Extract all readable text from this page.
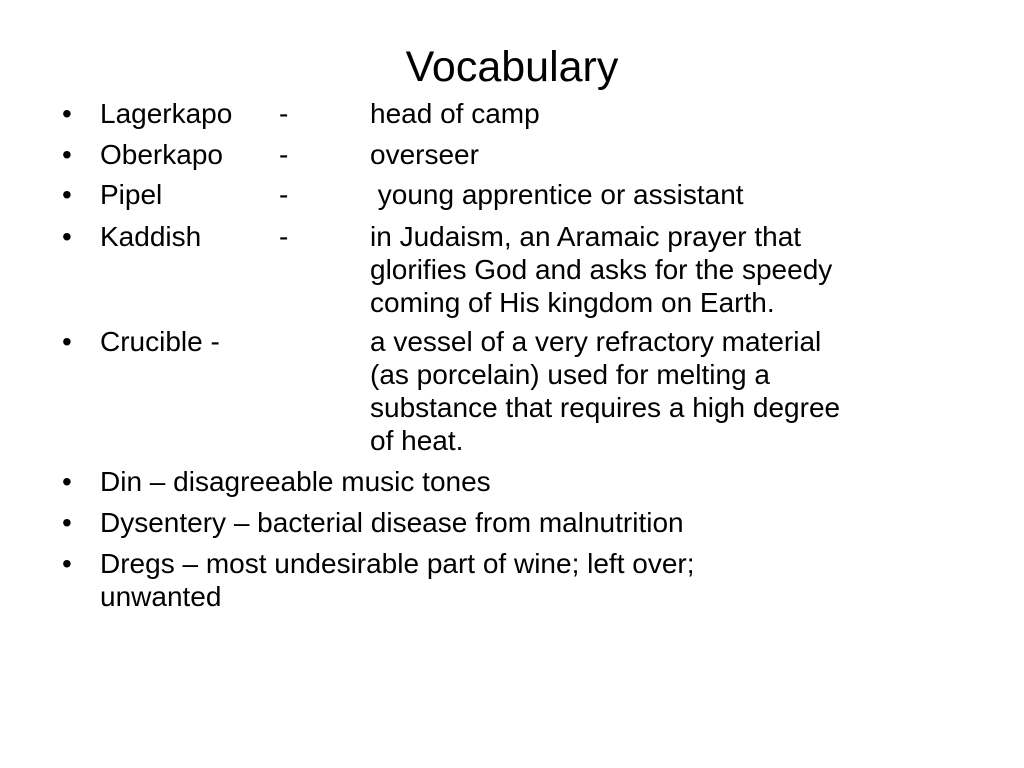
Vocabulary
• Lagerkapo -	head of camp
• Oberkapo -	overseer
• Pipel	-	young apprentice or assistant
• Kaddish	-	in Judaism, an Aramaic prayer that
glorifies God and asks for the speedy
coming of His kingdom on Earth.
• Crucible -	a vessel of a very refractory material
(as porcelain) used for melting a
substance that requires a high degree
of heat.
• Din – disagreeable music tones
• Dysentery – bacterial disease from malnutrition
• Dregs – most undesirable part of wine; left over;
unwanted
